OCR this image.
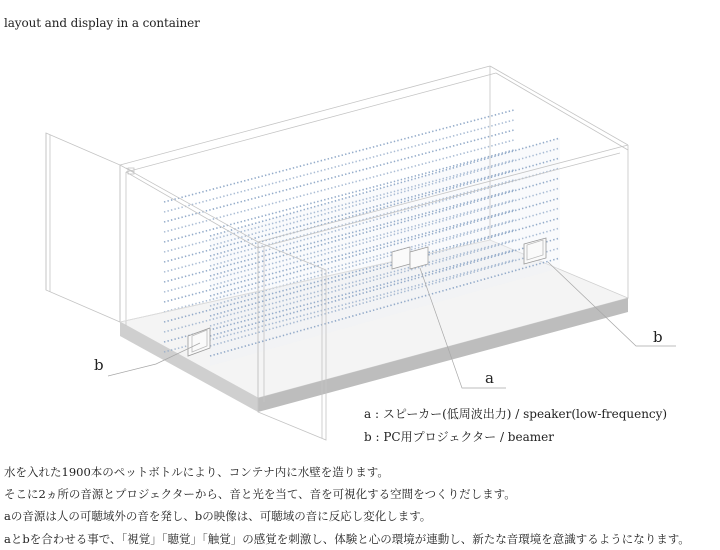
layout and display in a container
b
b
a
a : スピーカー(低周波出力) / speaker(low-frequency)
b : PC用プロジェクター / beamer
水を入れた1900本のペットボトルにより、コンテナ内に水壁を造ります。
そこに2ヵ所の音源とプロジェクターから、音と光を当て、音を可視化する空間をつくりだします。
aの音源は人の可聴域外の音を発し、bの映像は、可聴域の音に反応し変化します。
aとbを合わせる事で、「視覚」「聴覚」「触覚」の感覚を刺激し、体験と心の環境が連動し、新たな音環境を意識するようになります。
